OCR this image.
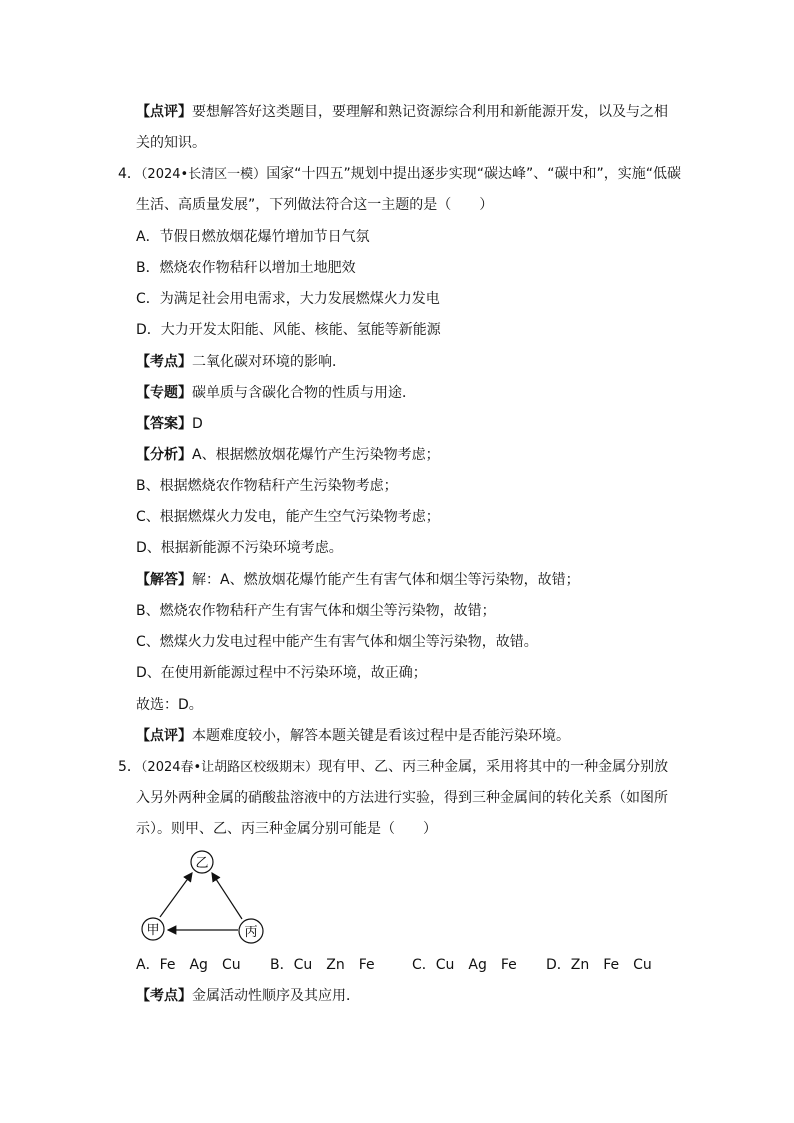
【点评】要想解答好这类题目，要理解和熟记资源综合利用和新能源开发，以及与之相
关的知识。
4．（2024•长清区一模）国家“十四五”规划中提出逐步实现“碳达峰”、“碳中和”，实施“低碳
生活、高质量发展”，下列做法符合这一主题的是（　　）
A．节假日燃放烟花爆竹增加节日气氛
B．燃烧农作物秸秆以增加土地肥效
C．为满足社会用电需求，大力发展燃煤火力发电
D．大力开发太阳能、风能、核能、氢能等新能源
【考点】二氧化碳对环境的影响．
【专题】碳单质与含碳化合物的性质与用途．
【答案】D
【分析】A、根据燃放烟花爆竹产生污染物考虑；
B、根据燃烧农作物秸秆产生污染物考虑；
C、根据燃煤火力发电，能产生空气污染物考虑；
D、根据新能源不污染环境考虑。
【解答】解：A、燃放烟花爆竹能产生有害气体和烟尘等污染物，故错；
B、燃烧农作物秸秆产生有害气体和烟尘等污染物，故错；
C、燃煤火力发电过程中能产生有害气体和烟尘等污染物，故错。
D、在使用新能源过程中不污染环境，故正确；
故选：D。
【点评】本题难度较小，解答本题关键是看该过程中是否能污染环境。
5．（2024春•让胡路区校级期末）现有甲、乙、丙三种金属，采用将其中的一种金属分别放
入另外两种金属的硝酸盐溶液中的方法进行实验，得到三种金属间的转化关系（如图所
示）。则甲、乙、丙三种金属分别可能是（　　）
乙
甲	丙
A．Fe　Ag　Cu B．Cu　Zn　Fe	C．Cu　Ag　Fe D．Zn　Fe　Cu
【考点】金属活动性顺序及其应用．
